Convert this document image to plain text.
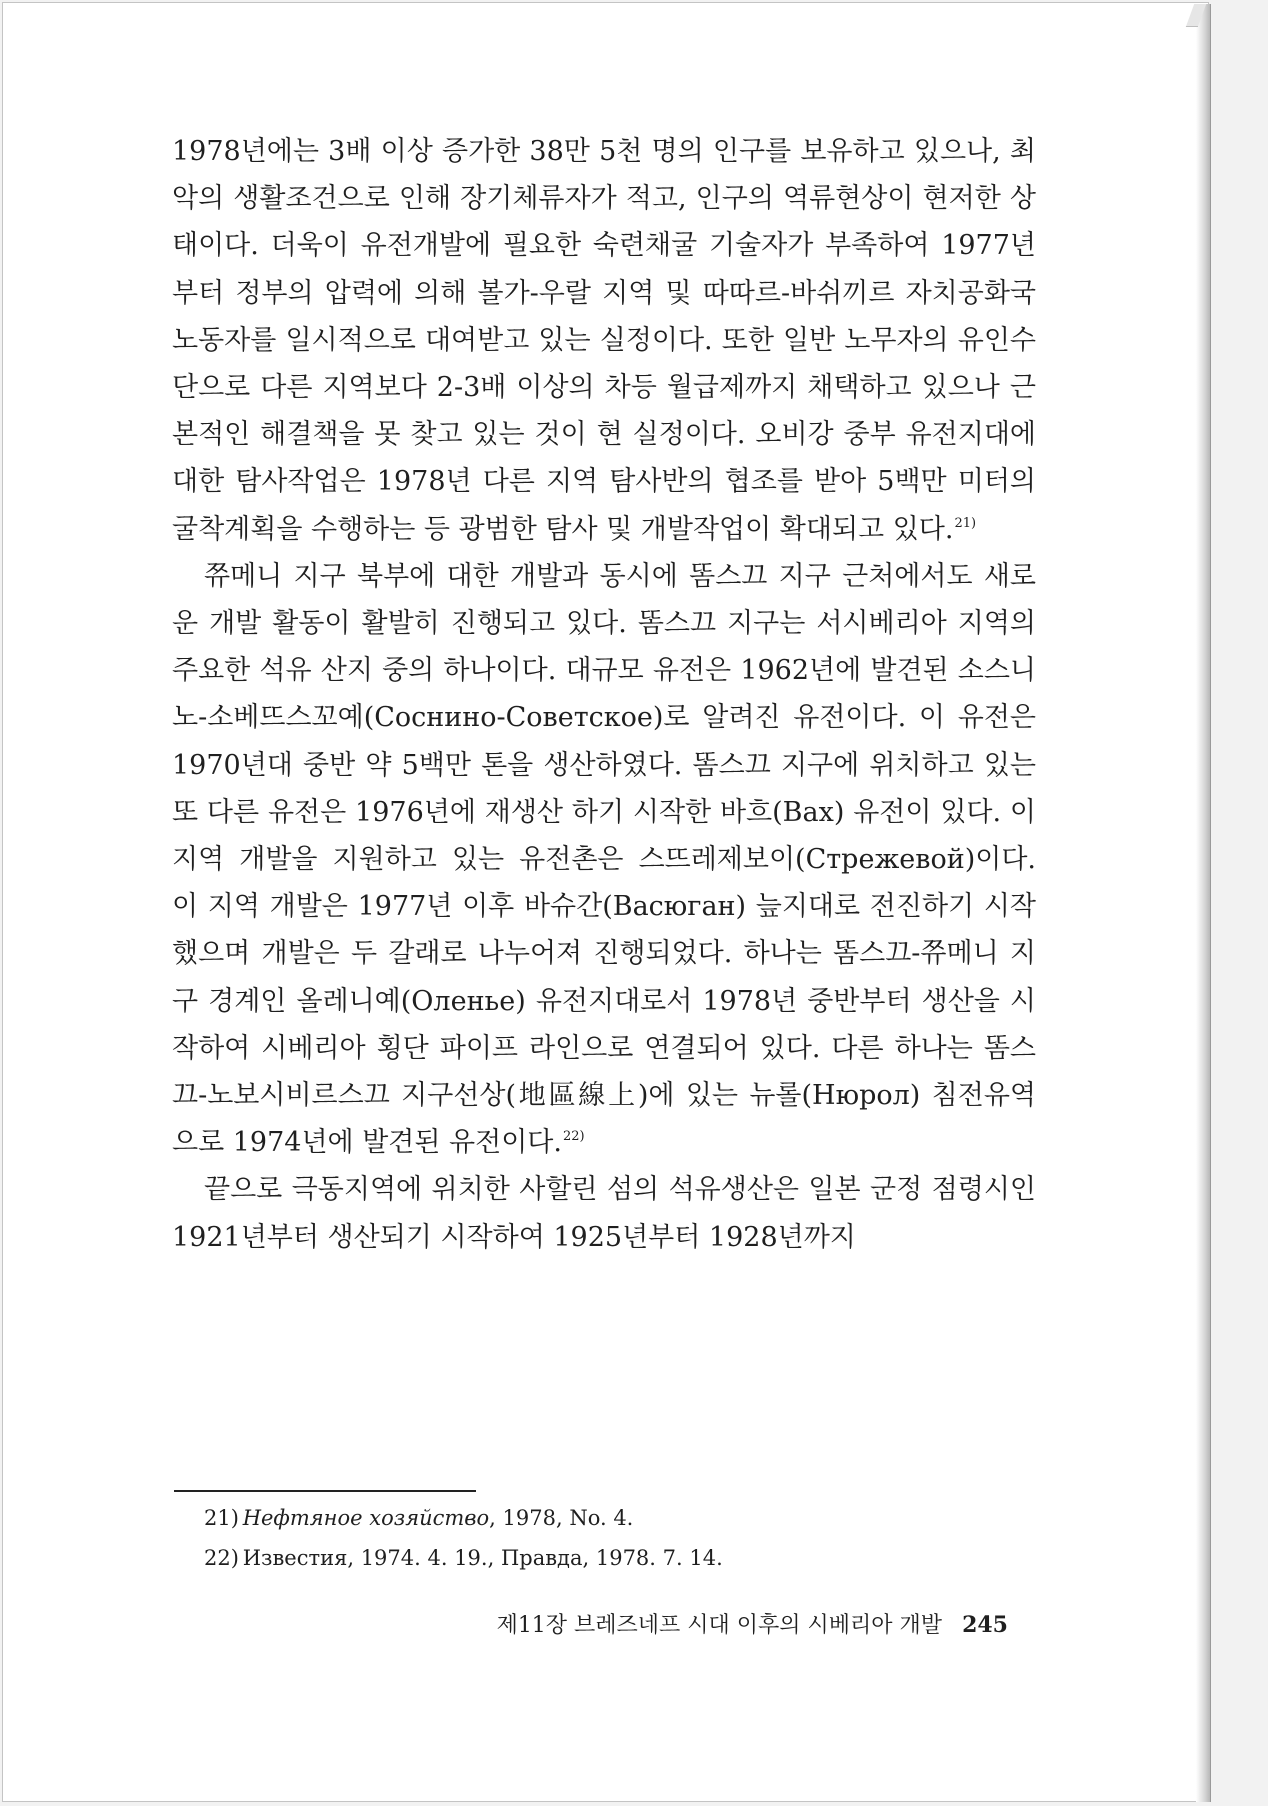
1978년에는 3배 이상 증가한 38만 5천 명의 인구를 보유하고 있으나, 최악의 생활조건으로 인해 장기체류자가 적고, 인구의 역류현상이 현저한 상태이다. 더욱이 유전개발에 필요한 숙련채굴 기술자가 부족하여 1977년부터 정부의 압력에 의해 볼가-우랄 지역 및 따따르-바쉬끼르 자치공화국 노동자를 일시적으로 대여받고 있는 실정이다. 또한 일반 노무자의 유인수단으로 다른 지역보다 2-3배 이상의 차등 월급제까지 채택하고 있으나 근본적인 해결책을 못 찾고 있는 것이 현 실정이다. 오비강 중부 유전지대에 대한 탐사작업은 1978년 다른 지역 탐사반의 협조를 받아 5백만 미터의 굴착계획을 수행하는 등 광범한 탐사 및 개발작업이 확대되고 있다.$^{21)}$

쮸메니 지구 북부에 대한 개발과 동시에 똠스끄 지구 근처에서도 새로운 개발 활동이 활발히 진행되고 있다. 똠스끄 지구는 서시베리아 지역의 주요한 석유 산지 중의 하나이다. 대규모 유전은 1962년에 발견된 소스니노-소베뜨스꼬예(Соснино-Советское)로 알려진 유전이다. 이 유전은 1970년대 중반 약 5백만 톤을 생산하였다. 똠스끄 지구에 위치하고 있는 또 다른 유전은 1976년에 재생산 하기 시작한 바흐(Вах) 유전이 있다. 이 지역 개발을 지원하고 있는 유전촌은 스뜨레제보이(Стрежевой)이다. 이 지역 개발은 1977년 이후 바슈간(Васюган) 늪지대로 전진하기 시작했으며 개발은 두 갈래로 나누어져 진행되었다. 하나는 똠스끄-쮸메니 지구 경계인 올레니예(Оленье) 유전지대로서 1978년 중반부터 생산을 시작하여 시베리아 횡단 파이프 라인으로 연결되어 있다. 다른 하나는 똠스끄-노보시비르스끄 지구선상(地區線上)에 있는 뉴롤(Нюрол) 침전유역으로 1974년에 발견된 유전이다.$^{22)}$

끝으로 극동지역에 위치한 사할린 섬의 석유생산은 일본 군정 점령시인 1921년부터 생산되기 시작하여 1925년부터 1928년까지

21) Нефтяное хозяйство, 1978, No. 4.
22) Известия, 1974. 4. 19., Правда, 1978. 7. 14.
제11장 브레즈네프 시대 이후의 시베리아 개발 245
